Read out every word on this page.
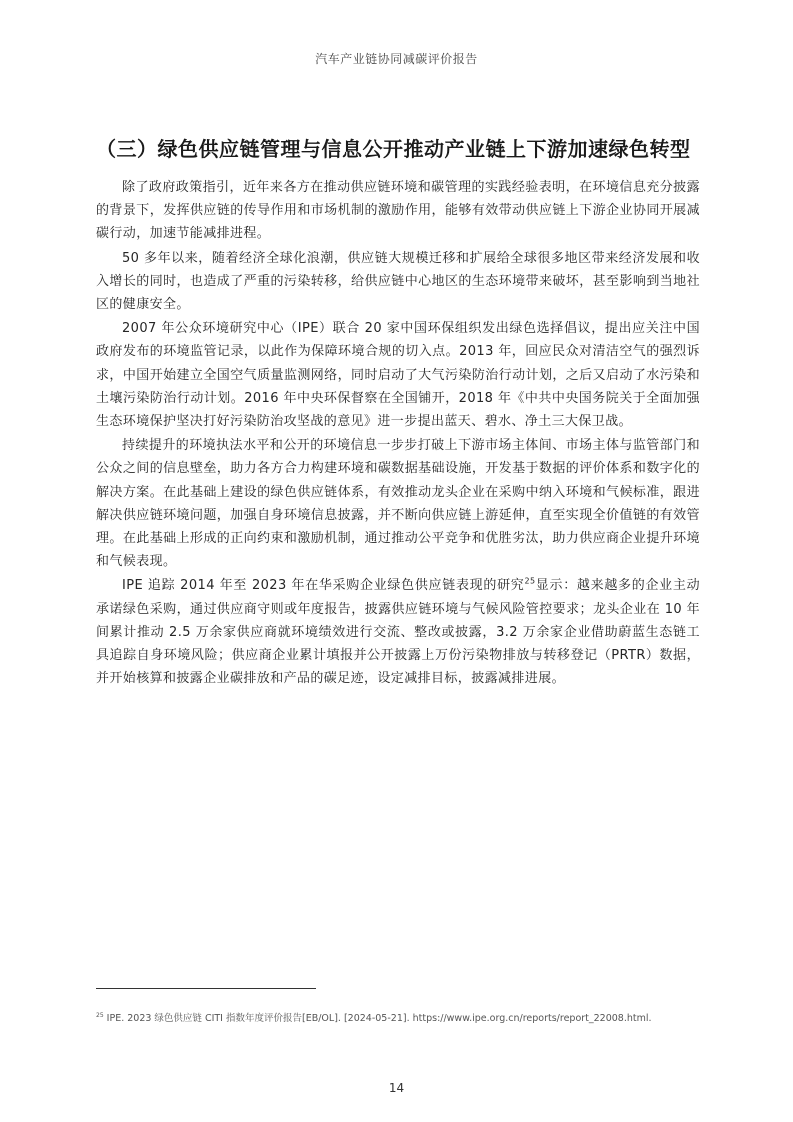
汽车产业链协同减碳评价报告
（三）绿色供应链管理与信息公开推动产业链上下游加速绿色转型

除了政府政策指引，近年来各方在推动供应链环境和碳管理的实践经验表明，在环境信息充分披露的背景下，发挥供应链的传导作用和市场机制的激励作用，能够有效带动供应链上下游企业协同开展减碳行动，加速节能减排进程。

50 多年以来，随着经济全球化浪潮，供应链大规模迁移和扩展给全球很多地区带来经济发展和收入增长的同时，也造成了严重的污染转移，给供应链中心地区的生态环境带来破坏，甚至影响到当地社区的健康安全。

2007 年公众环境研究中心（IPE）联合 20 家中国环保组织发出绿色选择倡议，提出应关注中国政府发布的环境监管记录，以此作为保障环境合规的切入点。2013 年，回应民众对清洁空气的强烈诉求，中国开始建立全国空气质量监测网络，同时启动了大气污染防治行动计划，之后又启动了水污染和土壤污染防治行动计划。2016 年中央环保督察在全国铺开，2018 年《中共中央国务院关于全面加强生态环境保护坚决打好污染防治攻坚战的意见》进一步提出蓝天、碧水、净土三大保卫战。

持续提升的环境执法水平和公开的环境信息一步步打破上下游市场主体间、市场主体与监管部门和公众之间的信息壁垒，助力各方合力构建环境和碳数据基础设施，开发基于数据的评价体系和数字化的解决方案。在此基础上建设的绿色供应链体系，有效推动龙头企业在采购中纳入环境和气候标准，跟进解决供应链环境问题，加强自身环境信息披露，并不断向供应链上游延伸，直至实现全价值链的有效管理。在此基础上形成的正向约束和激励机制，通过推动公平竞争和优胜劣汰，助力供应商企业提升环境和气候表现。

IPE 追踪 2014 年至 2023 年在华采购企业绿色供应链表现的研究$^{25}$显示：越来越多的企业主动承诺绿色采购，通过供应商守则或年度报告，披露供应链环境与气候风险管控要求；龙头企业在 10 年间累计推动 2.5 万余家供应商就环境绩效进行交流、整改或披露，3.2 万余家企业借助蔚蓝生态链工具追踪自身环境风险；供应商企业累计填报并公开披露上万份污染物排放与转移登记（PRTR）数据，并开始核算和披露企业碳排放和产品的碳足迹，设定减排目标，披露减排进展。

$^{25}$ IPE. 2023 绿色供应链 CITI 指数年度评价报告[EB/OL]. [2024-05-21]. https://www.ipe.org.cn/reports/report_22008.html.
14
